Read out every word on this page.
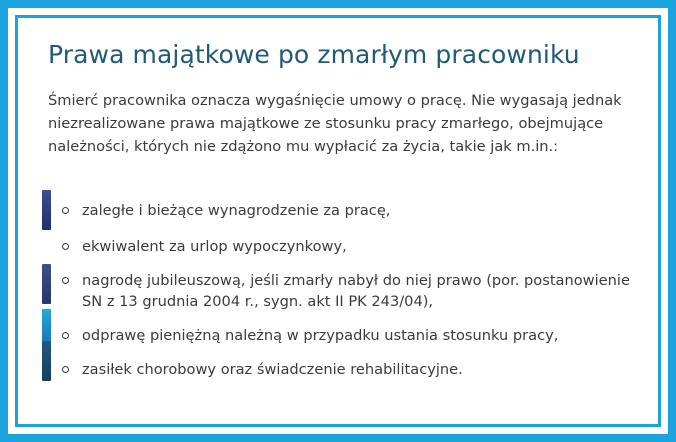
Prawa majątkowe po zmarłym pracowniku

Śmierć pracownika oznacza wygaśnięcie umowy o pracę. Nie wygasają jednak niezrealizowane prawa majątkowe ze stosunku pracy zmarłego, obejmujące należności, których nie zdążono mu wypłacić za życia, takie jak m.in.:

zaległe i bieżące wynagrodzenie za pracę,
ekwiwalent za urlop wypoczynkowy,
nagrodę jubileuszową, jeśli zmarły nabył do niej prawo (por. postanowienie SN z 13 grudnia 2004 r., sygn. akt II PK 243/04),
odprawę pieniężną należną w przypadku ustania stosunku pracy,
zasiłek chorobowy oraz świadczenie rehabilitacyjne.
